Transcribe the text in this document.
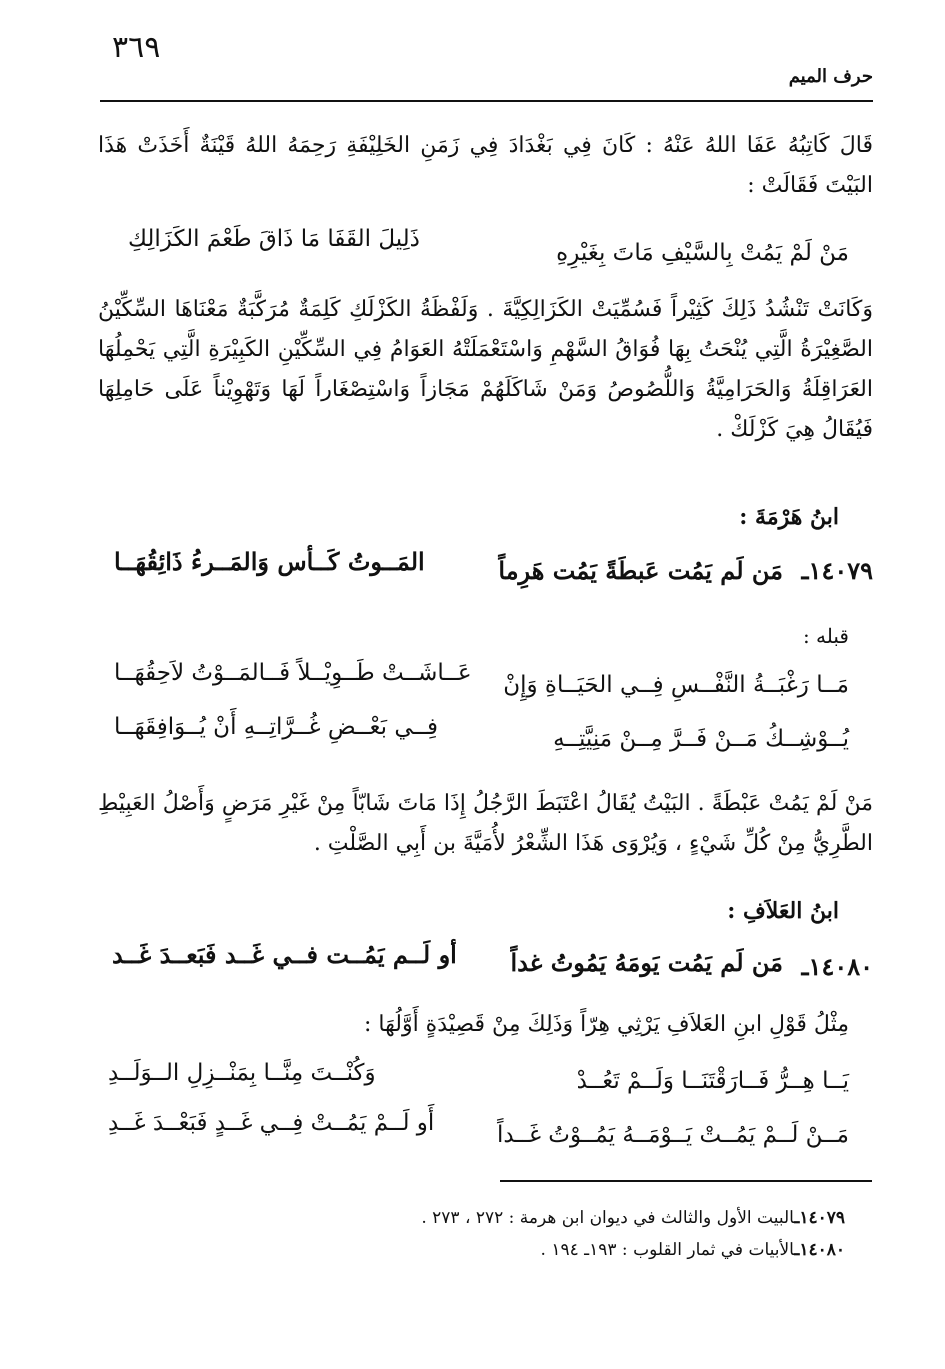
٣٦٩
حرف الميم
قَالَ كَاتِبُهُ عَفَا اللهُ عَنْهُ : كَانَ فِي بَغْدَادَ فِي زَمَنِ الخَلِيْفَةِ رَحِمَهُ اللهُ قَيْنَةٌ أَخَذَتْ هَذَا البَيْتَ فَقَالَتْ :
مَنْ لَمْ يَمُتْ بِالسَّيْفِ مَاتَ بِغَيْرِهِ
ذَلِيلَ القَفَا مَا ذَاقَ طَعْمَ الكَزَالِكِ
وَكَانَتْ تَنْشُدُ ذَلِكَ كَثِيْراً فَسُمِّيَتْ الكَزَالِكِيَّةَ . وَلَفْظَةُ الكَزْلَكِ كَلِمَةٌ مُرَكَّبَةٌ مَعْنَاهَا السِّكِّيْنُ الصَّغِيْرَةُ الَّتِي يُنْحَتُ بِهَا فُوَاقُ السَّهْمِ وَاسْتَعْمَلَتْهُ العَوَامُ فِي السِّكِّيْنِ الكَبِيْرَةِ الَّتِي يَحْمِلُهَا العَرَاقِلَةُ وَالحَرَامِيَّةُ وَاللُّصُوصُ وَمَنْ شَاكَلَهُمْ مَجَازاً وَاسْتِصْغَاراً لَهَا وَتَهْوِيْناً عَلَى حَامِلِهَا فَيُقَالُ هِيَ كَزْلَكْ .
ابنُ هَرْمَةَ :
١٤٠٧٩ـ
مَن لَم يَمُت عَبطَةً يَمُت هَرِماً
المَــوتُ كَــأس وَالمَــرءُ ذَائِقُهَــا
قبله :
مَــا رَغْبَــةُ النَّفْــسِ فِــي الحَيَــاةِ وَإِنْ
عَــاشَــتْ طَــوِيْــلاً فَــالمَــوْتُ لاَحِقُهَــا
يُــوْشِــكُ مَــنْ فَــرَّ مِــنْ مَنِيَّتِــهِ
فِــي بَعْــضِ غُــرَّاتِــهِ أَنْ يُــوَافِقَهَــا
مَنْ لَمْ يَمُتْ عَبْطَةً . البَيْتُ يُقَالُ اعْتَبَطَ الرَّجُلُ إِذَا مَاتَ شَابّاً مِنْ غَيْرِ مَرَضٍ وَأَصْلُ العَبِيْطِ الطَّرِيُّ مِنْ كُلِّ شَيْءٍ ، وَيُرْوَى هَذَا الشِّعْرُ لأُمَيَّةَ بن أَبِي الصَّلْتِ .
ابنُ العَلاَفِ :
١٤٠٨٠ـ
مَن لَم يَمُت يَومَهُ يَمُوتُ غداً
أو لَــم يَمُــت فــي غَــد فَبَعــدَ غَــد
مِثْلُ قَوْلِ ابنِ العَلاَفِ يَرْثِي هِرّاً وَذَلِكَ مِنْ قَصِيْدَةٍ أَوَّلُهَا :
يَــا هِــرُّ فَــارَقْتَنَــا وَلَــمْ تَعُــدْ
وَكُنْــتَ مِنَّــا بِمَنْــزِلِ الــوَلَــدِ
مَــنْ لَــمْ يَمُــتْ يَــوْمَــهُ يَمُــوْتُ غَــداً
أَو لَــمْ يَمُــتْ فِــي غَــدٍ فَبَعْــدَ غَــدِ
١٤٠٧٩ـالبيت الأول والثالث في ديوان ابن هرمة : ٢٧٢ ، ٢٧٣ .
١٤٠٨٠ـالأبيات في ثمار القلوب : ١٩٣ـ ١٩٤ .
